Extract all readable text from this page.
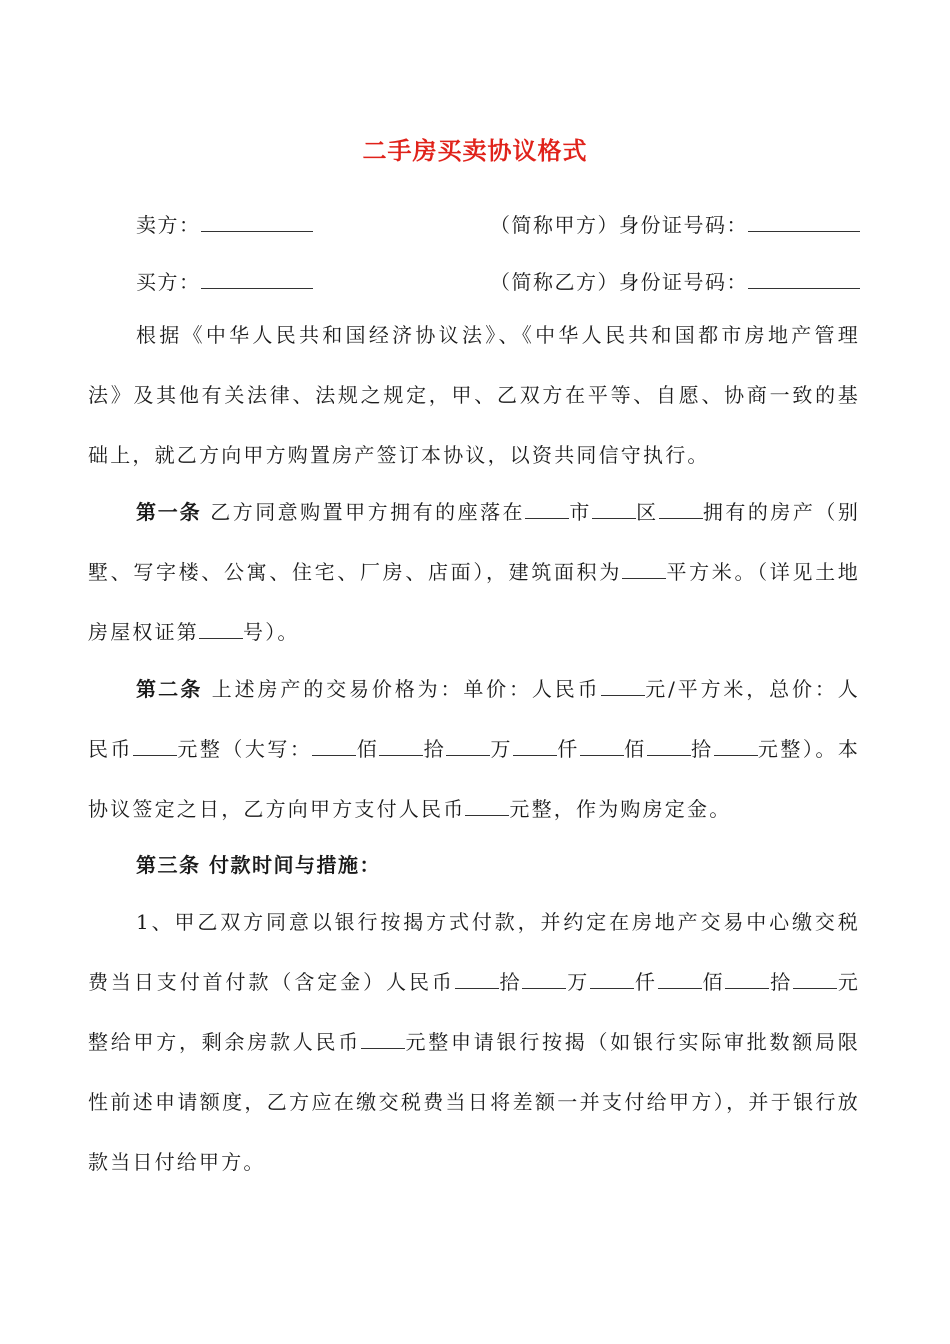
二手房买卖协议格式
卖方：	（简称甲方）身份证号码：
买方：	（简称乙方）身份证号码：
根据《中华人民共和国经济协议法》、《中华人民共和国都市房地产管理法》及其他有关法律、法规之规定，甲、乙双方在平等、自愿、协商一致的基础上，就乙方向甲方购置房产签订本协议，以资共同信守执行。
第一条 乙方同意购置甲方拥有的座落在 市 区 拥有的房产（别墅、写字楼、公寓、住宅、厂房、店面），建筑面积为 平方米。（详见土地房屋权证第 号）。
第二条 上述房产的交易价格为：单价：人民币 元/平方米，总价：人民币 元整（大写： 佰 拾 万 仟 佰 拾 元整）。本协议签定之日，乙方向甲方支付人民币 元整，作为购房定金。
第三条 付款时间与措施：
1、甲乙双方同意以银行按揭方式付款，并约定在房地产交易中心缴交税费当日支付首付款（含定金）人民币 拾 万 仟 佰 拾 元整给甲方，剩余房款人民币 元整申请银行按揭（如银行实际审批数额局限性前述申请额度，乙方应在缴交税费当日将差额一并支付给甲方），并于银行放款当日付给甲方。
